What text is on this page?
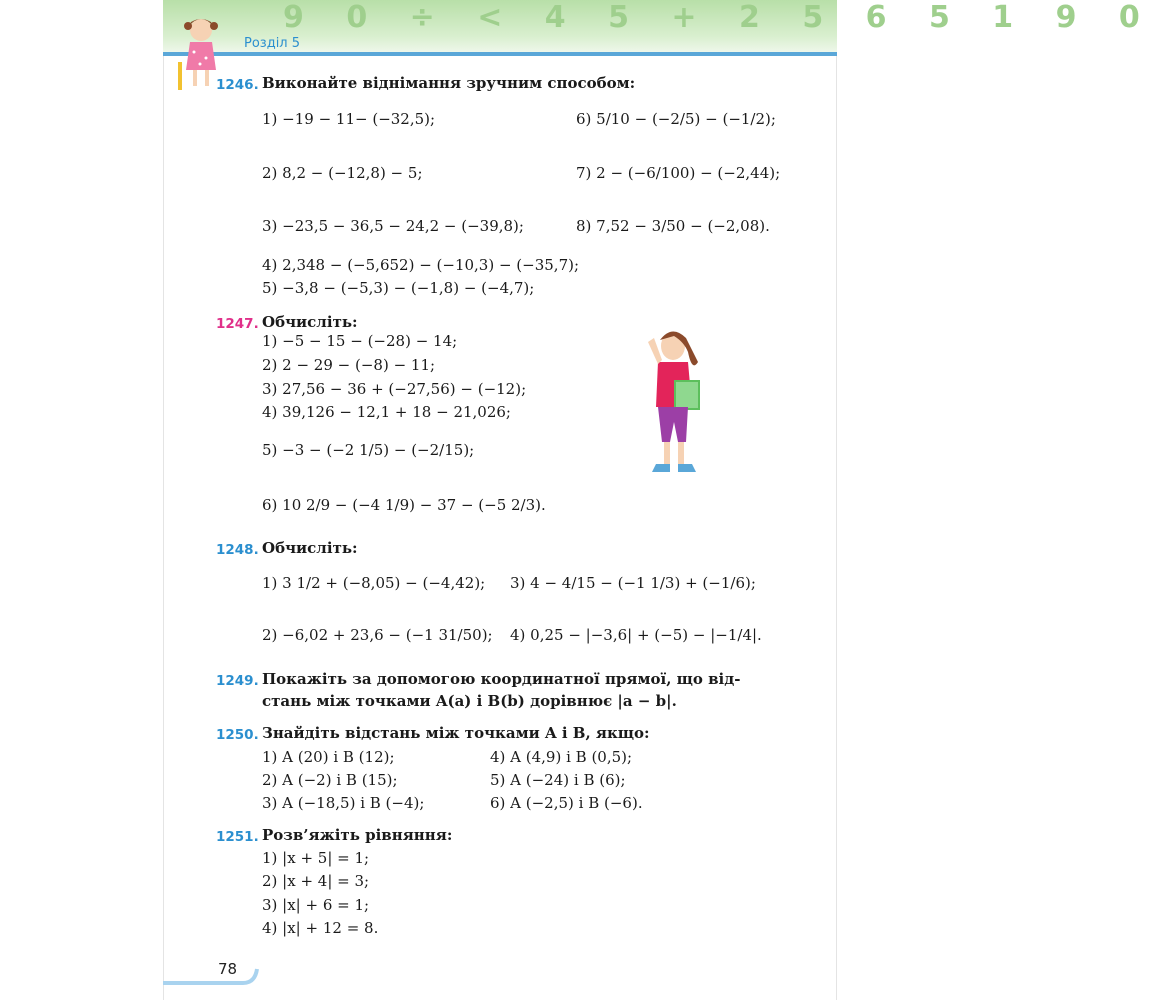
9 0 ÷ < 4 5 + 2 5 6 5 1 9 0
Розділ 5
1246. Виконайте віднімання зручним способом:
1) −19 − 11− (−32,5);	6) 5/10 − (−2/5) − (−1/2);
2) 8,2 − (−12,8) − 5;	7) 2 − (−6/100) − (−2,44);
3) −23,5 − 36,5 − 24,2 − (−39,8);	8) 7,52 − 3/50 − (−2,08).
4) 2,348 − (−5,652) − (−10,3) − (−35,7);
5) −3,8 − (−5,3) − (−1,8) − (−4,7);
1247. Обчисліть:
1) −5 − 15 − (−28) − 14;
2) 2 − 29 − (−8) − 11;
3) 27,56 − 36 + (−27,56) − (−12);
4) 39,126 − 12,1 + 18 − 21,026;
5) −3 − (−2 1/5) − (−2/15);
6) 10 2/9 − (−4 1/9) − 37 − (−5 2/3).
1248. Обчисліть:
1) 3 1/2 + (−8,05) − (−4,42); 3) 4 − 4/15 − (−1 1/3) + (−1/6);
2) −6,02 + 23,6 − (−1 31/50); 4) 0,25 − |−3,6| + (−5) − |−1/4|.
1249. Покажіть за допомогою координатної прямої, що від-
стань між точками A(a) і B(b) дорівнює |a − b|.
1250. Знайдіть відстань між точками A і B, якщо:
1) A (20) і B (12);	4) A (4,9) і B (0,5);
2) A (−2) і B (15);	5) A (−24) і B (6);
3) A (−18,5) і B (−4);	6) A (−2,5) і B (−6).
1251. Розв’яжіть рівняння:
1) |x + 5| = 1;
2) |x + 4| = 3;
3) |x| + 6 = 1;
4) |x| + 12 = 8.
78
